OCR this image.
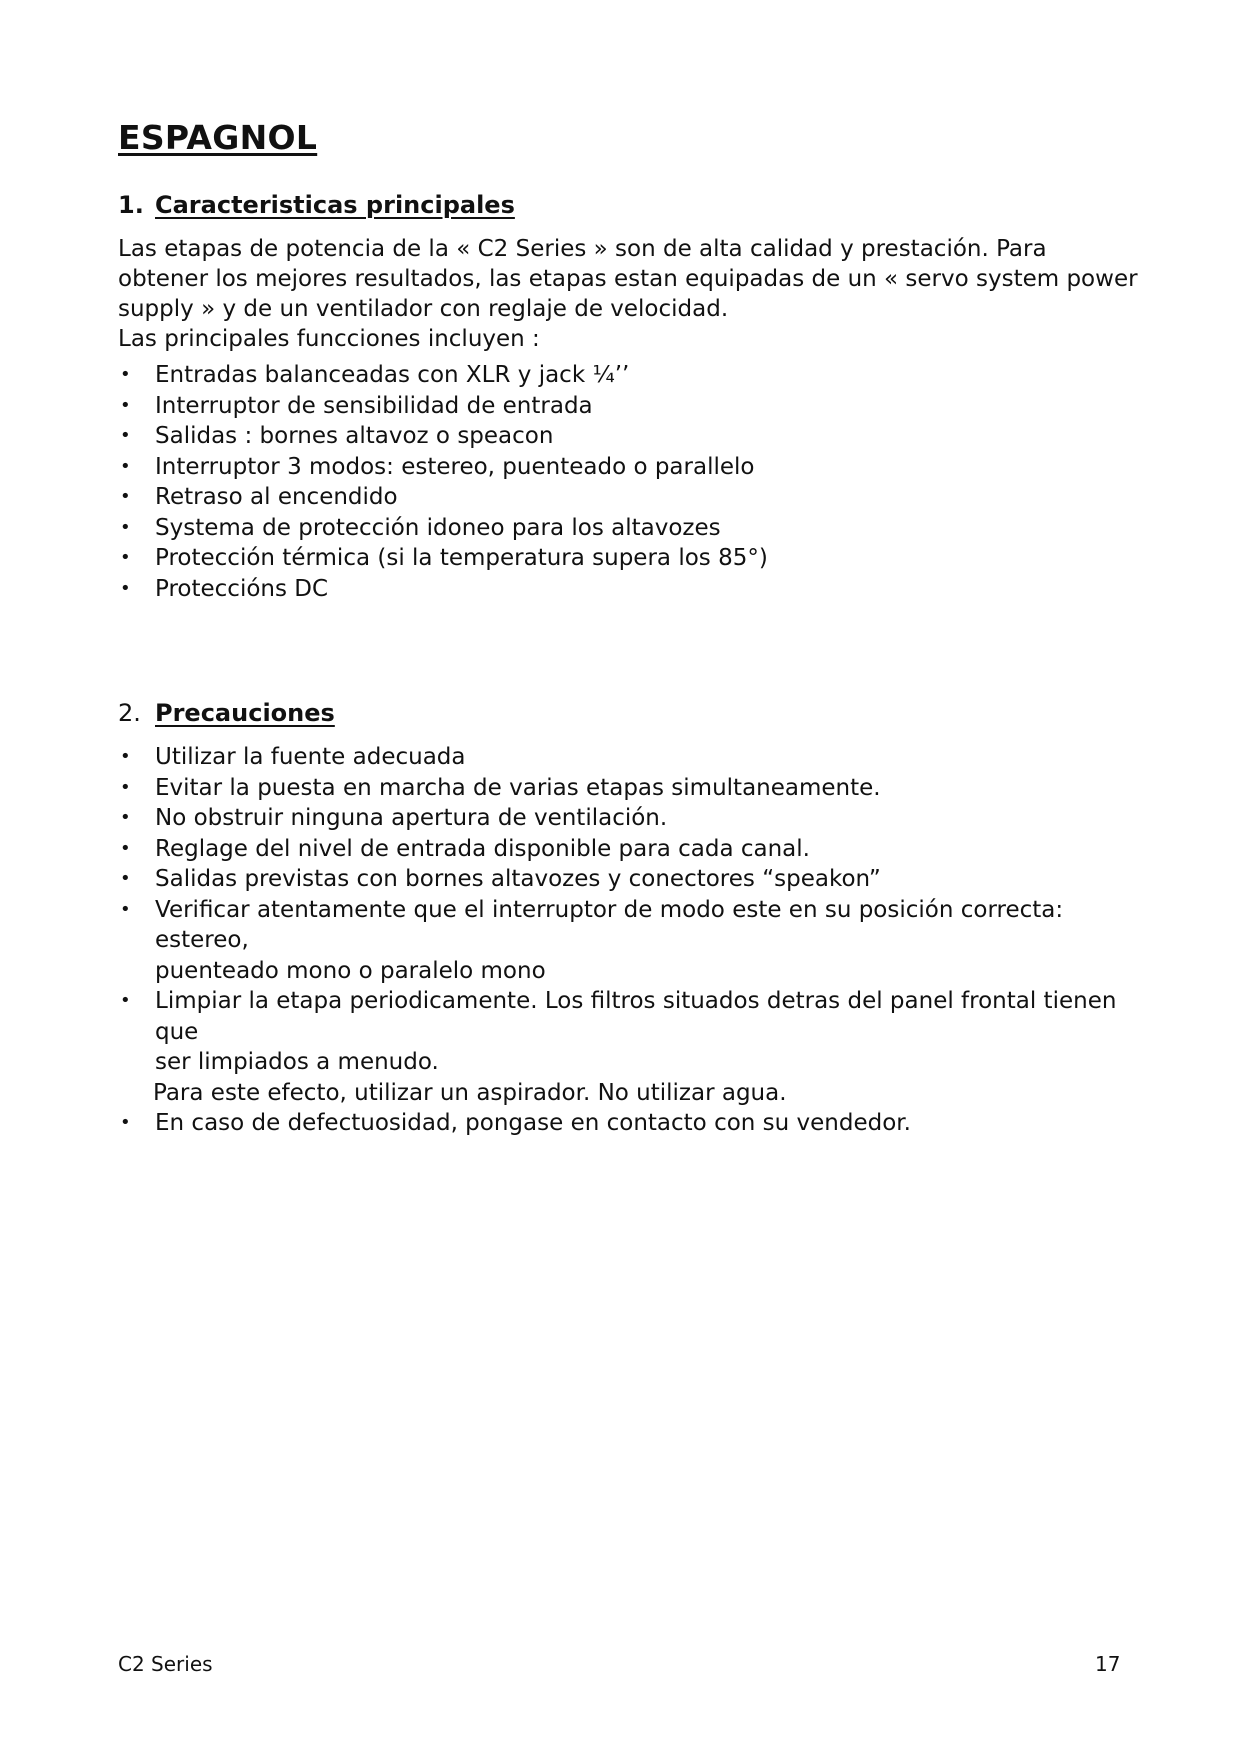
ESPAGNOL
1. Caracteristicas principales

Las etapas de potencia de la « C2 Series » son de alta calidad y prestación. Para obtener los mejores resultados, las etapas estan equipadas de un « servo system power supply » y de un ventilador con reglaje de velocidad.

Las principales funcciones incluyen :

•	Entradas balanceadas con XLR y jack ¼’’
•	Interruptor de sensibilidad de entrada
•	Salidas : bornes altavoz o speacon
•	Interruptor 3 modos: estereo, puenteado o parallelo
•	Retraso al encendido
•	Systema de protección idoneo para los altavozes
•	Protección térmica (si la temperatura supera los 85°)
•	Proteccións DC
2. Precauciones
•	Utilizar la fuente adecuada
•	Evitar la puesta en marcha de varias etapas simultaneamente.
•	No obstruir ninguna apertura de ventilación.
•	Reglage del nivel de entrada disponible para cada canal.
•	Salidas previstas con bornes altavozes y conectores “speakon”
•	Verificar atentamente que el interruptor de modo este en su posición correcta: estereo,
puenteado mono o paralelo mono
•	Limpiar la etapa periodicamente. Los filtros situados detras del panel frontal tienen que
ser limpiados a menudo.

Para este efecto, utilizar un aspirador. No utilizar agua.

•	En caso de defectuosidad, pongase en contacto con su vendedor.
C2 Series	17
